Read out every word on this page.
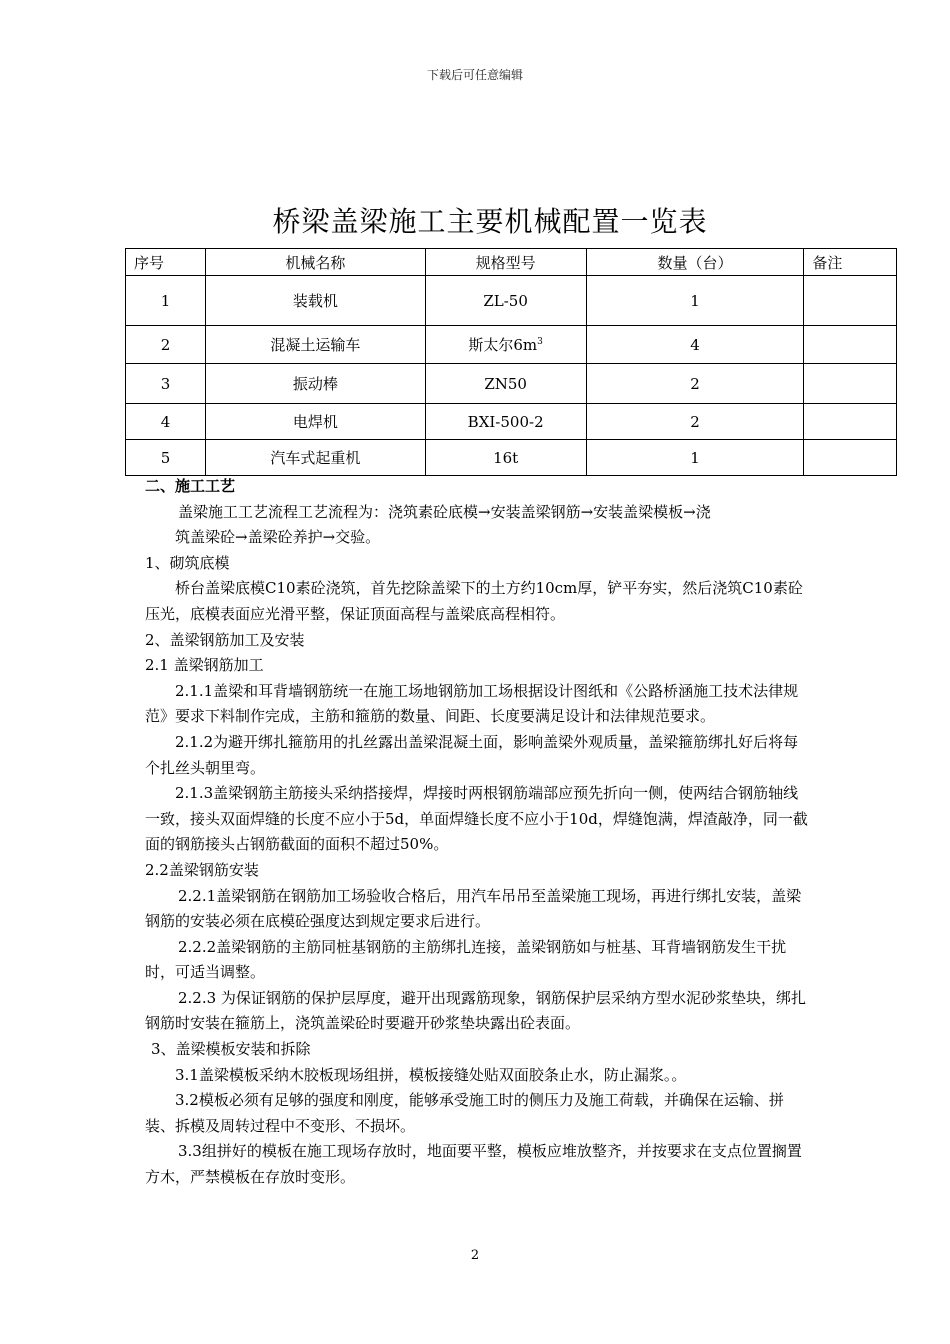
下载后可任意编辑
桥梁盖梁施工主要机械配置一览表
序号	机械名称	规格型号	数量（台）	备注
1	装载机	ZL-50	1	
2	混凝土运输车	斯太尔$6m^3$	4	
3	振动棒	ZN50	2	
4	电焊机	BXI-500-2	2	
5	汽车式起重机	16t	1	

二、施工工艺

盖梁施工工艺流程工艺流程为：浇筑素砼底模→安装盖梁钢筋→安装盖梁模板→浇

筑盖梁砼→盖梁砼养护→交验。

1、砌筑底模

桥台盖梁底模C10素砼浇筑，首先挖除盖梁下的土方约10cm厚，铲平夯实，然后浇筑C10素砼压光，底模表面应光滑平整，保证顶面高程与盖梁底高程相符。

2、盖梁钢筋加工及安装

2.1 盖梁钢筋加工

2.1.1盖梁和耳背墙钢筋统一在施工场地钢筋加工场根据设计图纸和《公路桥涵施工技术法律规范》要求下料制作完成，主筋和箍筋的数量、间距、长度要满足设计和法律规范要求。

2.1.2为避开绑扎箍筋用的扎丝露出盖梁混凝土面，影响盖梁外观质量，盖梁箍筋绑扎好后将每个扎丝头朝里弯。

2.1.3盖梁钢筋主筋接头采纳搭接焊，焊接时两根钢筋端部应预先折向一侧，使两结合钢筋轴线一致，接头双面焊缝的长度不应小于5d，单面焊缝长度不应小于10d，焊缝饱满，焊渣敲净，同一截面的钢筋接头占钢筋截面的面积不超过50%。

2.2盖梁钢筋安装

2.2.1盖梁钢筋在钢筋加工场验收合格后，用汽车吊吊至盖梁施工现场，再进行绑扎安装，盖梁钢筋的安装必须在底模砼强度达到规定要求后进行。

2.2.2盖梁钢筋的主筋同桩基钢筋的主筋绑扎连接，盖梁钢筋如与桩基、耳背墙钢筋发生干扰时，可适当调整。

2.2.3 为保证钢筋的保护层厚度，避开出现露筋现象，钢筋保护层采纳方型水泥砂浆垫块，绑扎钢筋时安装在箍筋上，浇筑盖梁砼时要避开砂浆垫块露出砼表面。

3、盖梁模板安装和拆除

3.1盖梁模板采纳木胶板现场组拼，模板接缝处贴双面胶条止水，防止漏浆。。

3.2模板必须有足够的强度和刚度，能够承受施工时的侧压力及施工荷载，并确保在运输、拼装、拆模及周转过程中不变形、不损坏。

3.3组拼好的模板在施工现场存放时，地面要平整，模板应堆放整齐，并按要求在支点位置搁置方木，严禁模板在存放时变形。

2
